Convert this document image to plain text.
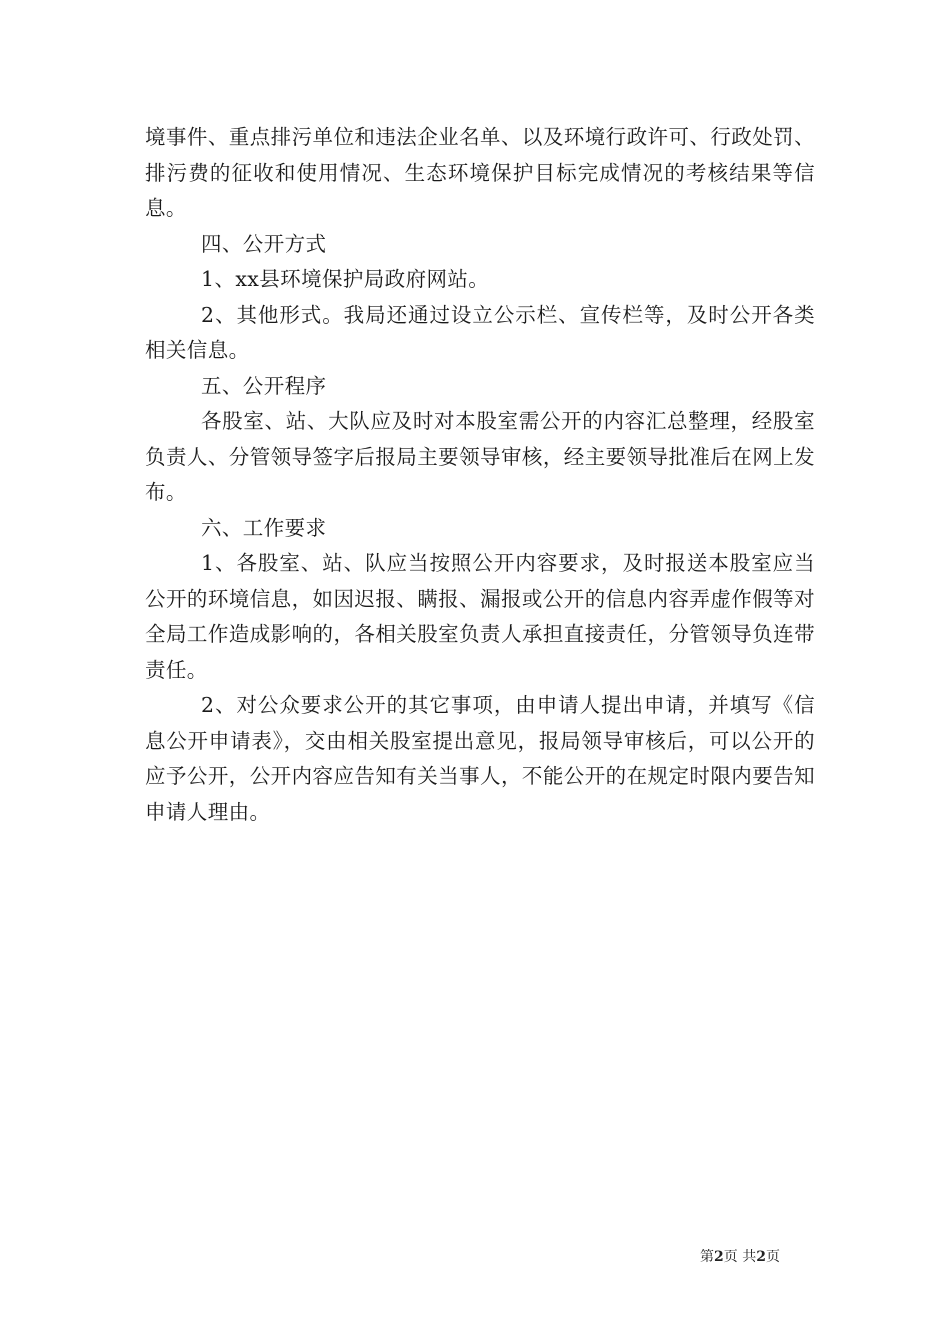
境事件、重点排污单位和违法企业名单、以及环境行政许可、行政处罚、排污费的征收和使用情况、生态环境保护目标完成情况的考核结果等信息。

四、公开方式

1、xx县环境保护局政府网站。

2、其他形式。我局还通过设立公示栏、宣传栏等，及时公开各类相关信息。

五、公开程序

各股室、站、大队应及时对本股室需公开的内容汇总整理，经股室负责人、分管领导签字后报局主要领导审核，经主要领导批准后在网上发布。

六、工作要求

1、各股室、站、队应当按照公开内容要求，及时报送本股室应当公开的环境信息，如因迟报、瞒报、漏报或公开的信息内容弄虚作假等对全局工作造成影响的，各相关股室负责人承担直接责任，分管领导负连带责任。

2、对公众要求公开的其它事项，由申请人提出申请，并填写《信息公开申请表》，交由相关股室提出意见，报局领导审核后，可以公开的应予公开，公开内容应告知有关当事人，不能公开的在规定时限内要告知申请人理由。

第2页 共2页
